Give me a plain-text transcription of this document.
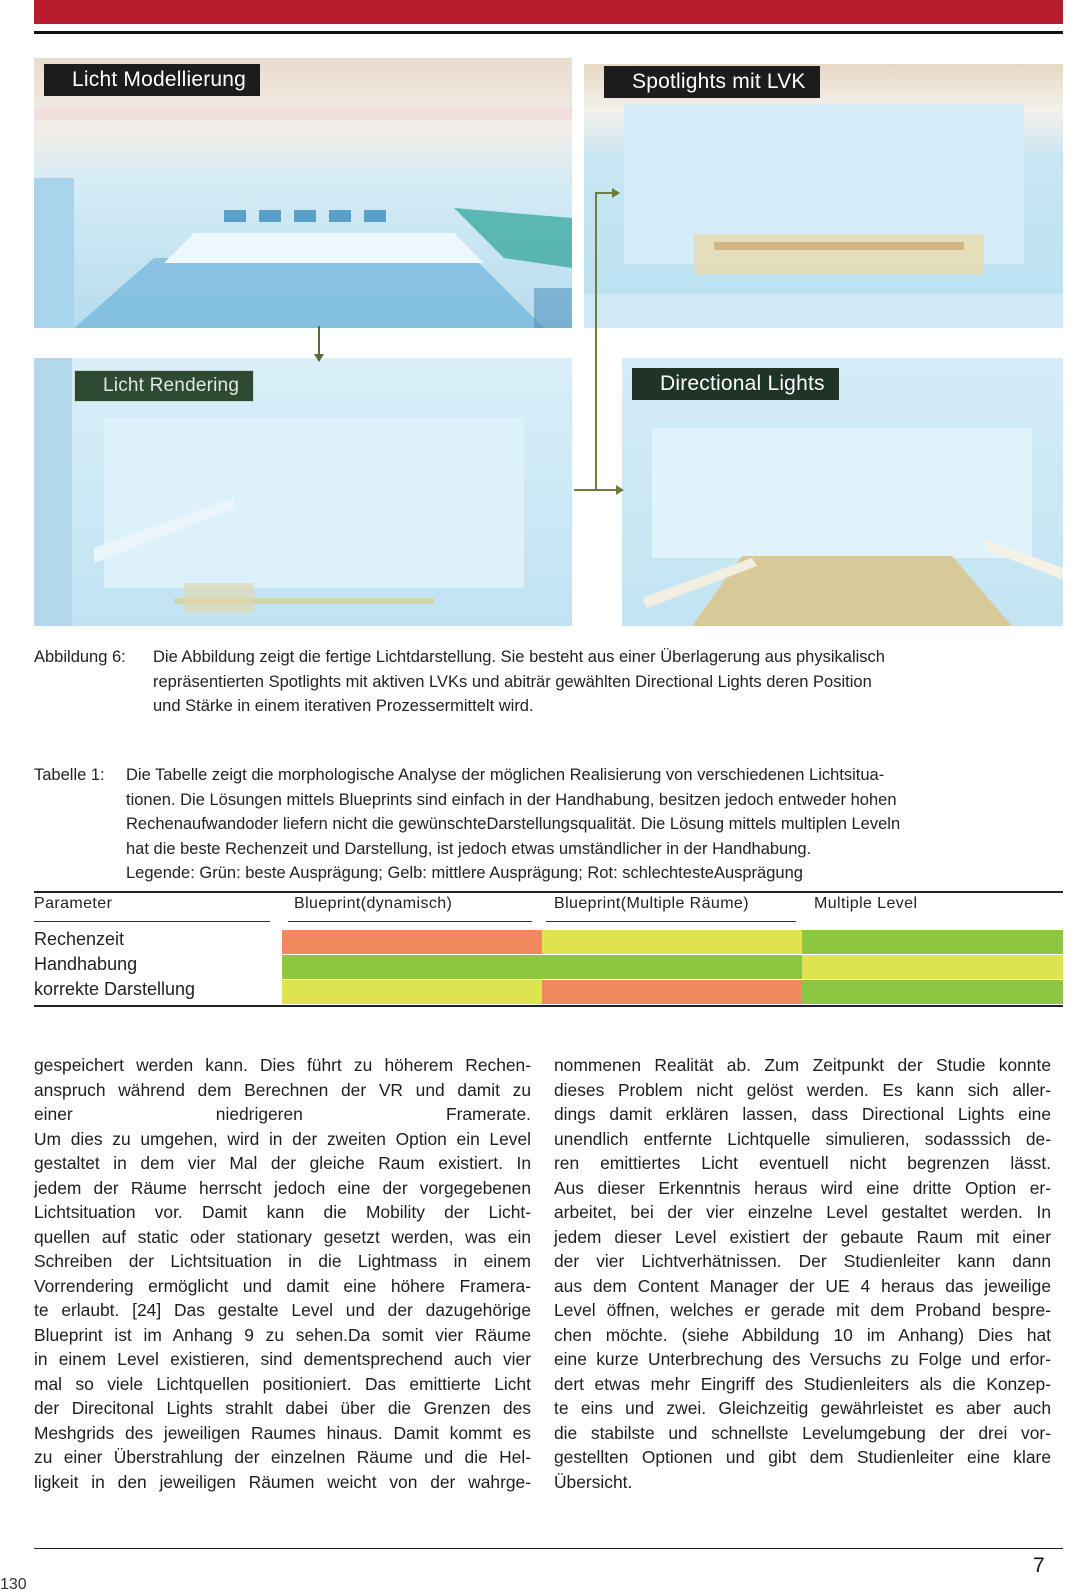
Licht Modellierung	Spotlights mit LVK
Licht Rendering	Directional Lights
Abbildung 6: Die Abbildung zeigt die fertige Lichtdarstellung. Sie besteht aus einer Überlagerung aus physikalisch
repräsentierten Spotlights mit aktiven LVKs und abiträr gewählten Directional Lights deren Position
und Stärke in einem iterativen Prozessermittelt wird.
Tabelle 1: Die Tabelle zeigt die morphologische Analyse der möglichen Realisierung von verschiedenen Lichtsitua-
tionen. Die Lösungen mittels Blueprints sind einfach in der Handhabung, besitzen jedoch entweder hohen
Rechenaufwandoder liefern nicht die gewünschteDarstellungsqualität. Die Lösung mittels multiplen Leveln
hat die beste Rechenzeit und Darstellung, ist jedoch etwas umständlicher in der Handhabung.
Legende: Grün: beste Ausprägung; Gelb: mittlere Ausprägung; Rot: schlechtesteAusprägung
Parameter	Blueprint(dynamisch)	Blueprint(Multiple Räume)	Multiple Level
Rechenzeit
Handhabung
korrekte Darstellung
gespeichert werden kann. Dies führt zu höherem Rechen-
anspruch während dem Berechnen der VR und damit zu
einer niedrigeren Framerate.
Um dies zu umgehen, wird in der zweiten Option ein Level
gestaltet in dem vier Mal der gleiche Raum existiert. In
jedem der Räume herrscht jedoch eine der vorgegebenen
Lichtsituation vor. Damit kann die Mobility der Licht-
quellen auf static oder stationary gesetzt werden, was ein
Schreiben der Lichtsituation in die Lightmass in einem
Vorrendering ermöglicht und damit eine höhere Framera-
te erlaubt. [24] Das gestalte Level und der dazugehörige
Blueprint ist im Anhang 9 zu sehen.Da somit vier Räume
in einem Level existieren, sind dementsprechend auch vier
mal so viele Lichtquellen positioniert. Das emittierte Licht
der Direcitonal Lights strahlt dabei über die Grenzen des
Meshgrids des jeweiligen Raumes hinaus. Damit kommt es
zu einer Überstrahlung der einzelnen Räume und die Hel-
ligkeit in den jeweiligen Räumen weicht von der wahrge-
nommenen Realität ab. Zum Zeitpunkt der Studie konnte
dieses Problem nicht gelöst werden. Es kann sich aller-
dings damit erklären lassen, dass Directional Lights eine
unendlich entfernte Lichtquelle simulieren, sodasssich de-
ren emittiertes Licht eventuell nicht begrenzen lässt.
Aus dieser Erkenntnis heraus wird eine dritte Option er-
arbeitet, bei der vier einzelne Level gestaltet werden. In
jedem dieser Level existiert der gebaute Raum mit einer
der vier Lichtverhätnissen. Der Studienleiter kann dann
aus dem Content Manager der UE 4 heraus das jeweilige
Level öffnen, welches er gerade mit dem Proband bespre-
chen möchte. (siehe Abbildung 10 im Anhang) Dies hat
eine kurze Unterbrechung des Versuchs zu Folge und erfor-
dert etwas mehr Eingriff des Studienleiters als die Konzep-
te eins und zwei. Gleichzeitig gewährleistet es aber auch
die stabilste und schnellste Levelumgebung der drei vor-
gestellten Optionen und gibt dem Studienleiter eine klare
Übersicht.
7
130
